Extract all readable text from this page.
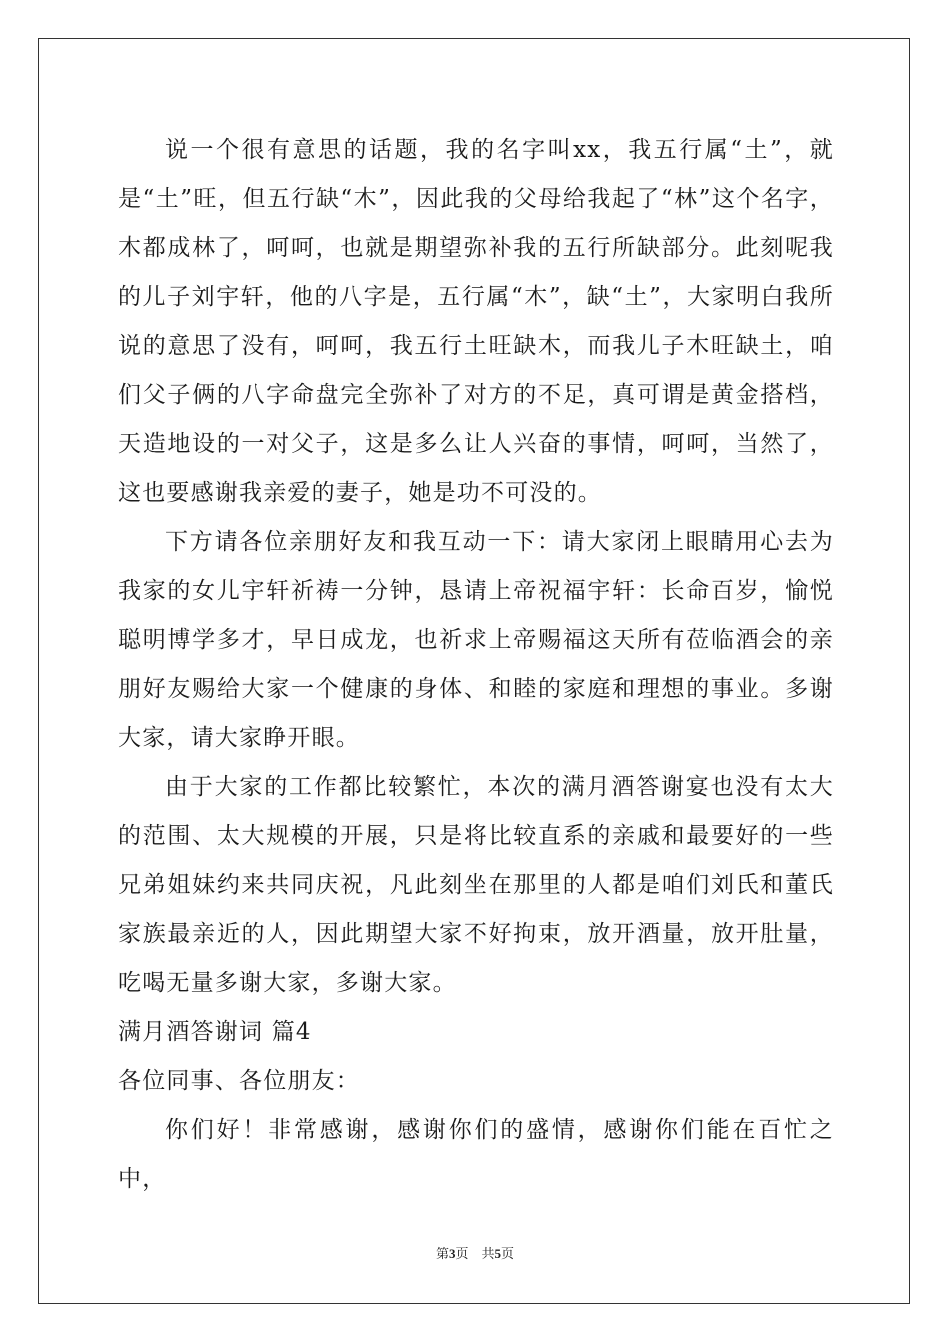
说一个很有意思的话题，我的名字叫xx，我五行属“土”，就是“土”旺，但五行缺“木”，因此我的父母给我起了“林”这个名字，木都成林了，呵呵，也就是期望弥补我的五行所缺部分。此刻呢我的儿子刘宇轩，他的八字是，五行属“木”，缺“土”，大家明白我所说的意思了没有，呵呵，我五行土旺缺木，而我儿子木旺缺土，咱们父子俩的八字命盘完全弥补了对方的不足，真可谓是黄金搭档，天造地设的一对父子，这是多么让人兴奋的事情，呵呵，当然了，这也要感谢我亲爱的妻子，她是功不可没的。

下方请各位亲朋好友和我互动一下：请大家闭上眼睛用心去为我家的女儿宇轩祈祷一分钟，恳请上帝祝福宇轩：长命百岁，愉悦聪明博学多才，早日成龙，也祈求上帝赐福这天所有莅临酒会的亲朋好友赐给大家一个健康的身体、和睦的家庭和理想的事业。多谢大家，请大家睁开眼。

由于大家的工作都比较繁忙，本次的满月酒答谢宴也没有太大的范围、太大规模的开展，只是将比较直系的亲戚和最要好的一些兄弟姐妹约来共同庆祝，凡此刻坐在那里的人都是咱们刘氏和董氏家族最亲近的人，因此期望大家不好拘束，放开酒量，放开肚量，吃喝无量多谢大家，多谢大家。

满月酒答谢词 篇4

各位同事、各位朋友：

你们好！非常感谢，感谢你们的盛情，感谢你们能在百忙之中，

第3页　共5页
